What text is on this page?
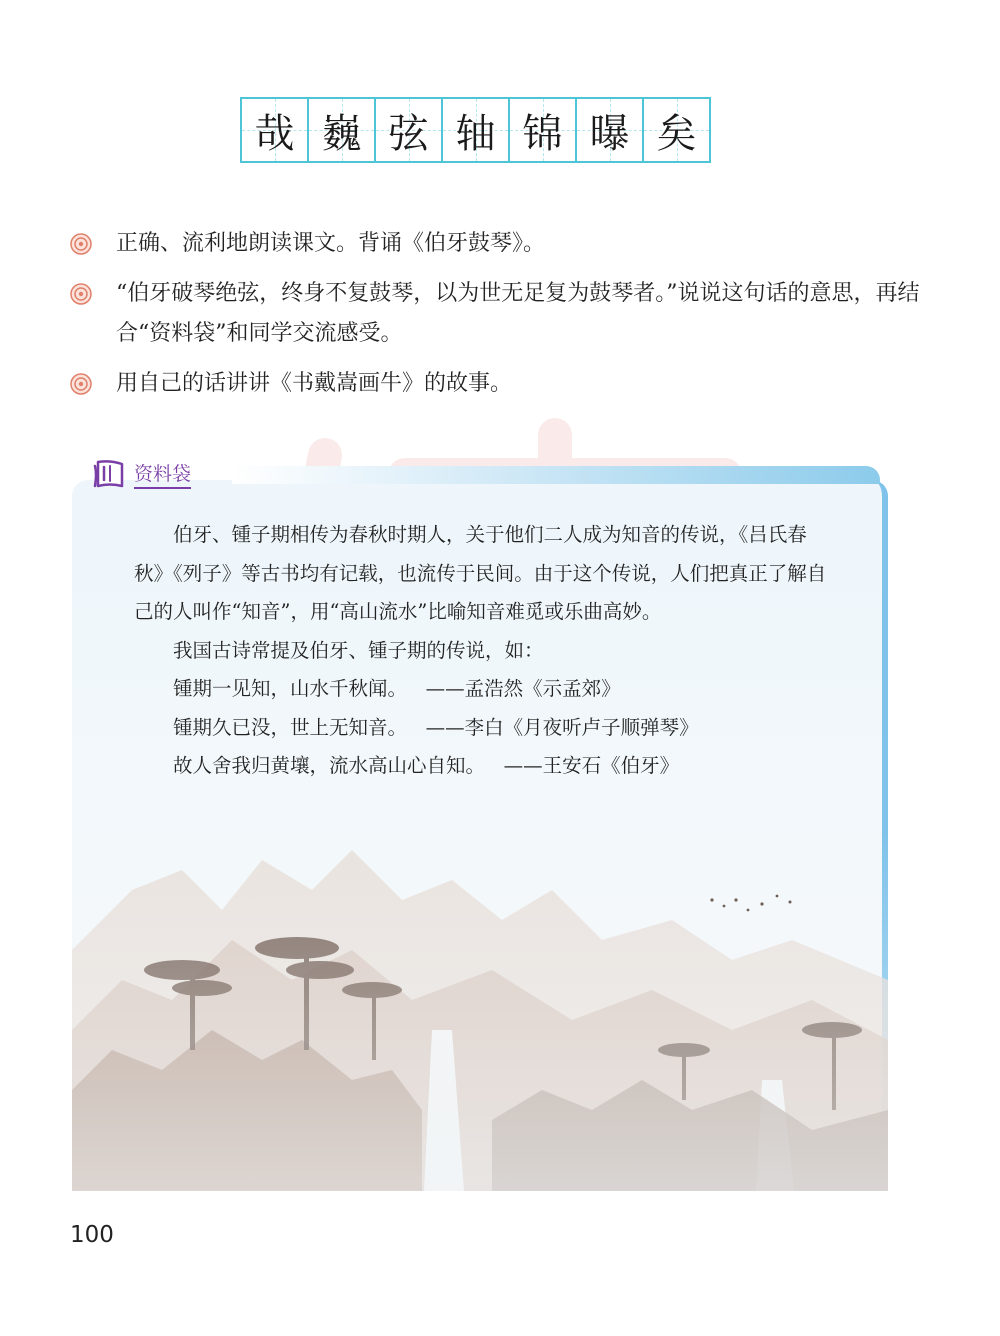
哉 巍 弦 轴 锦 曝 矣
正确、流利地朗读课文。背诵《伯牙鼓琴》。
“伯牙破琴绝弦，终身不复鼓琴，以为世无足复为鼓琴者。”说说这句话的意思，再结合“资料袋”和同学交流感受。
用自己的话讲讲《书戴嵩画牛》的故事。
资料袋

伯牙、锺子期相传为春秋时期人，关于他们二人成为知音的传说，《吕氏春秋》《列子》等古书均有记载，也流传于民间。由于这个传说，人们把真正了解自己的人叫作“知音”，用“高山流水”比喻知音难觅或乐曲高妙。

我国古诗常提及伯牙、锺子期的传说，如：

锺期一见知，山水千秋闻。   ——孟浩然《示孟郊》

锺期久已没，世上无知音。   ——李白《月夜听卢子顺弹琴》

故人舍我归黄壤，流水高山心自知。   ——王安石《伯牙》

100
